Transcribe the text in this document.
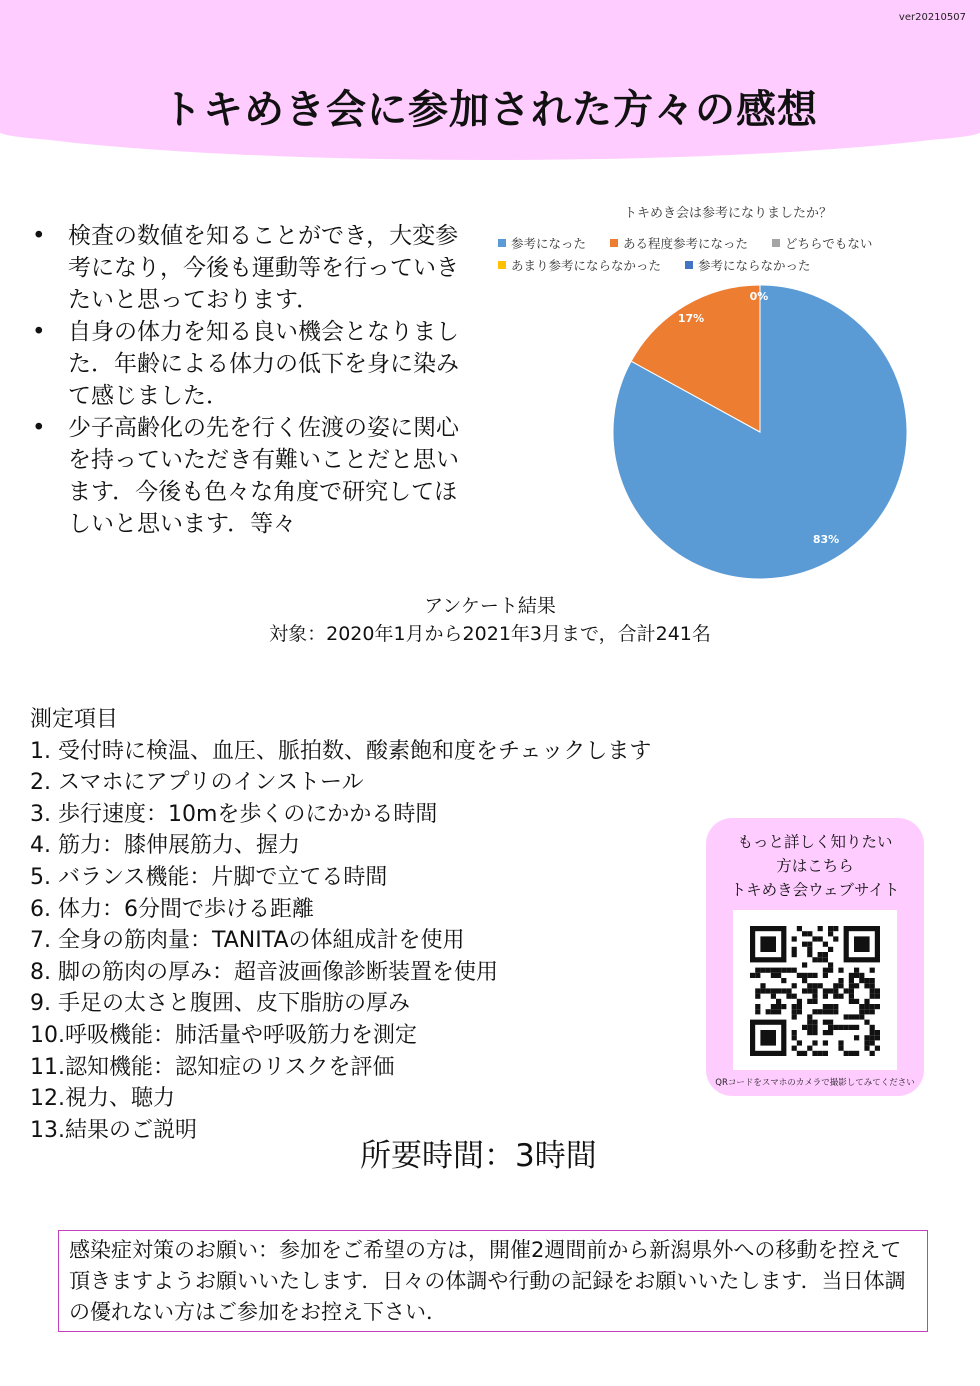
ver20210507
トキめき会に参加された方々の感想
• 検査の数値を知ることができ，大変参考になり，今後も運動等を行っていきたいと思っております．
• 自身の体力を知る良い機会となりました．年齢による体力の低下を身に染みて感じました．
• 少子高齢化の先を行く佐渡の姿に関心を持っていただき有難いことだと思います．今後も色々な角度で研究してほしいと思います．等々
トキめき会は参考になりましたか？
参考になった	ある程度参考になった	どちらでもない
あまり参考にならなかった	参考にならなかった
83%
17%
0%
アンケート結果
対象：2020年1月から2021年3月まで，合計241名
測定項目
1. 受付時に検温、血圧、脈拍数、酸素飽和度をチェックします
2. スマホにアプリのインストール
3. 歩行速度：10mを歩くのにかかる時間
4. 筋力：膝伸展筋力、握力
5. バランス機能：片脚で立てる時間
6. 体力：6分間で歩ける距離
7. 全身の筋肉量：TANITAの体組成計を使用
8. 脚の筋肉の厚み：超音波画像診断装置を使用
9. 手足の太さと腹囲、皮下脂肪の厚み
10.呼吸機能：肺活量や呼吸筋力を測定
11.認知機能：認知症のリスクを評価
12.視力、聴力
13.結果のご説明
所要時間：3時間
もっと詳しく知りたい
方はこちら
トキめき会ウェブサイト
QRコードをスマホのカメラで撮影してみてください
感染症対策のお願い：参加をご希望の方は，開催2週間前から新潟県外への移動を控えて頂きますようお願いいたします．日々の体調や行動の記録をお願いいたします．当日体調の優れない方はご参加をお控え下さい．
